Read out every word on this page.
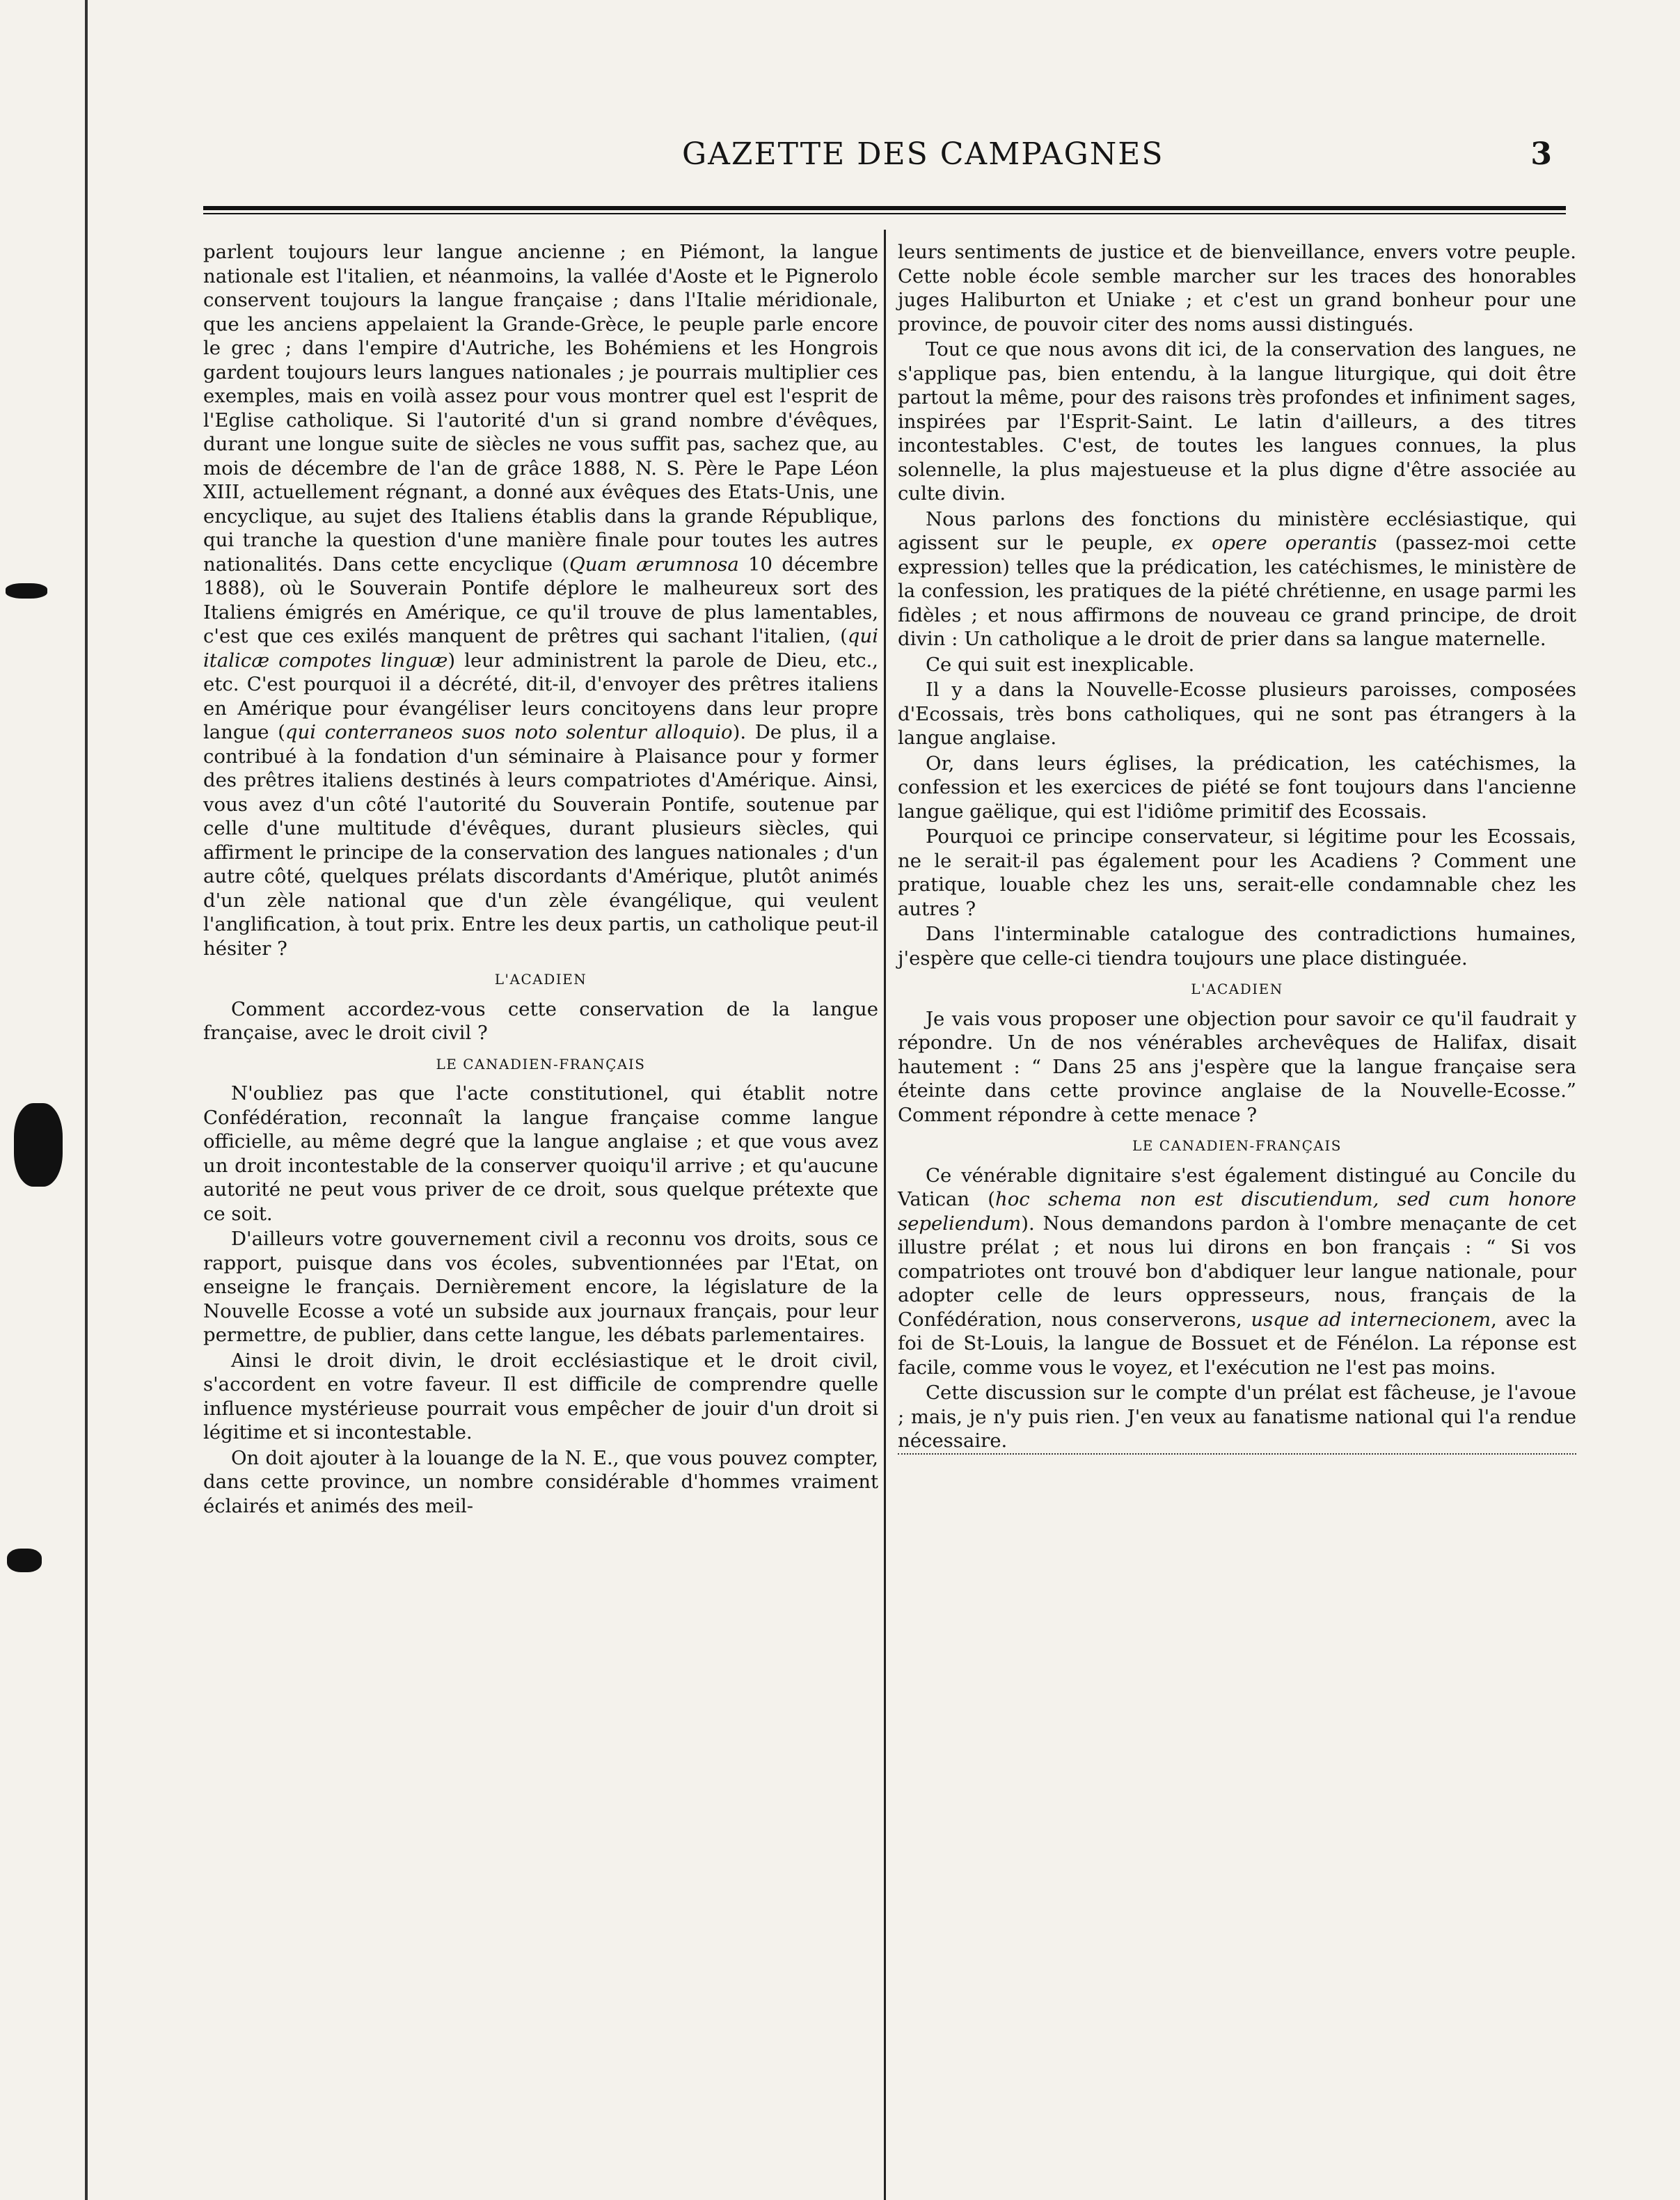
GAZETTE DES CAMPAGNES	3

parlent toujours leur langue ancienne ; en Piémont, la langue nationale est l'italien, et néanmoins, la vallée d'Aoste et le Pignerolo conservent toujours la langue française ; dans l'Italie méridionale, que les anciens appelaient la Grande-Grèce, le peuple parle encore le grec ; dans l'empire d'Autriche, les Bohémiens et les Hongrois gardent toujours leurs langues nationales ; je pourrais multiplier ces exemples, mais en voilà assez pour vous montrer quel est l'esprit de l'Eglise catholique. Si l'autorité d'un si grand nombre d'évêques, durant une longue suite de siècles ne vous suffit pas, sachez que, au mois de décembre de l'an de grâce 1888, N. S. Père le Pape Léon XIII, actuellement régnant, a donné aux évêques des Etats-Unis, une encyclique, au sujet des Italiens établis dans la grande République, qui tranche la question d'une manière finale pour toutes les autres nationalités. Dans cette encyclique (Quam ærumnosa 10 décembre 1888), où le Souverain Pontife déplore le malheureux sort des Italiens émigrés en Amérique, ce qu'il trouve de plus lamentables, c'est que ces exilés manquent de prêtres qui sachant l'italien, (qui italicæ compotes linguæ) leur administrent la parole de Dieu, etc., etc. C'est pourquoi il a décrété, dit-il, d'envoyer des prêtres italiens en Amérique pour évangéliser leurs concitoyens dans leur propre langue (qui conterraneos suos noto solentur alloquio). De plus, il a contribué à la fondation d'un séminaire à Plaisance pour y former des prêtres italiens destinés à leurs compatriotes d'Amérique. Ainsi, vous avez d'un côté l'autorité du Souverain Pontife, soutenue par celle d'une multitude d'évêques, durant plusieurs siècles, qui affirment le principe de la conservation des langues nationales ; d'un autre côté, quelques prélats discordants d'Amérique, plutôt animés d'un zèle national que d'un zèle évangélique, qui veulent l'anglification, à tout prix. Entre les deux partis, un catholique peut-il hésiter ?

L'ACADIEN

Comment accordez-vous cette conservation de la langue française, avec le droit civil ?

LE CANADIEN-FRANÇAIS

N'oubliez pas que l'acte constitutionel, qui établit notre Confédération, reconnaît la langue française comme langue officielle, au même degré que la langue anglaise ; et que vous avez un droit incontestable de la conserver quoiqu'il arrive ; et qu'aucune autorité ne peut vous priver de ce droit, sous quelque prétexte que ce soit.

D'ailleurs votre gouvernement civil a reconnu vos droits, sous ce rapport, puisque dans vos écoles, subventionnées par l'Etat, on enseigne le français. Dernièrement encore, la législature de la Nouvelle Ecosse a voté un subside aux journaux français, pour leur permettre, de publier, dans cette langue, les débats parlementaires.

Ainsi le droit divin, le droit ecclésiastique et le droit civil, s'accordent en votre faveur. Il est difficile de comprendre quelle influence mystérieuse pourrait vous empêcher de jouir d'un droit si légitime et si incontestable.

On doit ajouter à la louange de la N. E., que vous pouvez compter, dans cette province, un nombre considérable d'hommes vraiment éclairés et animés des meil-

leurs sentiments de justice et de bienveillance, envers votre peuple. Cette noble école semble marcher sur les traces des honorables juges Haliburton et Uniake ; et c'est un grand bonheur pour une province, de pouvoir citer des noms aussi distingués.

Tout ce que nous avons dit ici, de la conservation des langues, ne s'applique pas, bien entendu, à la langue liturgique, qui doit être partout la même, pour des raisons très profondes et infiniment sages, inspirées par l'Esprit-Saint. Le latin d'ailleurs, a des titres incontestables. C'est, de toutes les langues connues, la plus solennelle, la plus majestueuse et la plus digne d'être associée au culte divin.

Nous parlons des fonctions du ministère ecclésiastique, qui agissent sur le peuple, ex opere operantis (passez-moi cette expression) telles que la prédication, les catéchismes, le ministère de la confession, les pratiques de la piété chrétienne, en usage parmi les fidèles ; et nous affirmons de nouveau ce grand principe, de droit divin : Un catholique a le droit de prier dans sa langue maternelle.

Ce qui suit est inexplicable.

Il y a dans la Nouvelle-Ecosse plusieurs paroisses, composées d'Ecossais, très bons catholiques, qui ne sont pas étrangers à la langue anglaise.

Or, dans leurs églises, la prédication, les catéchismes, la confession et les exercices de piété se font toujours dans l'ancienne langue gaëlique, qui est l'idiôme primitif des Ecossais.

Pourquoi ce principe conservateur, si légitime pour les Ecossais, ne le serait-il pas également pour les Acadiens ? Comment une pratique, louable chez les uns, serait-elle condamnable chez les autres ?

Dans l'interminable catalogue des contradictions humaines, j'espère que celle-ci tiendra toujours une place distinguée.

L'ACADIEN

Je vais vous proposer une objection pour savoir ce qu'il faudrait y répondre. Un de nos vénérables archevêques de Halifax, disait hautement : “ Dans 25 ans j'espère que la langue française sera éteinte dans cette province anglaise de la Nouvelle-Ecosse.” Comment répondre à cette menace ?

LE CANADIEN-FRANÇAIS

Ce vénérable dignitaire s'est également distingué au Concile du Vatican (hoc schema non est discutiendum, sed cum honore sepeliendum). Nous demandons pardon à l'ombre menaçante de cet illustre prélat ; et nous lui dirons en bon français : “ Si vos compatriotes ont trouvé bon d'abdiquer leur langue nationale, pour adopter celle de leurs oppresseurs, nous, français de la Confédération, nous conserverons, usque ad internecionem, avec la foi de St-Louis, la langue de Bossuet et de Fénélon. La réponse est facile, comme vous le voyez, et l'exécution ne l'est pas moins.

Cette discussion sur le compte d'un prélat est fâcheuse, je l'avoue ; mais, je n'y puis rien. J'en veux au fanatisme national qui l'a rendue nécessaire.
